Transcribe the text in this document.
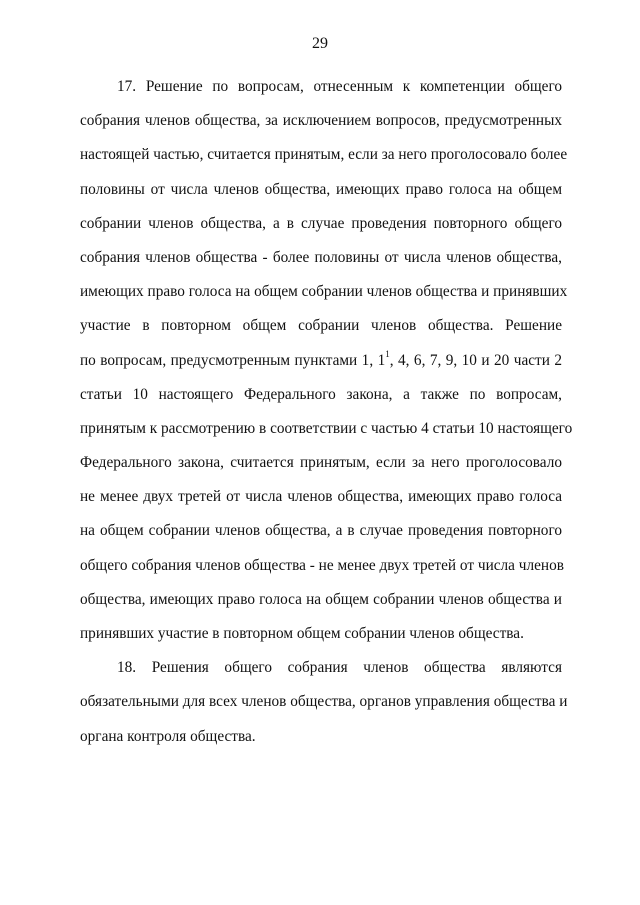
29
17. Решение по вопросам, отнесенным к компетенции общего
собрания членов общества, за исключением вопросов, предусмотренных
настоящей частью, считается принятым, если за него проголосовало более
половины от числа членов общества, имеющих право голоса на общем
собрании членов общества, а в случае проведения повторного общего
собрания членов общества - более половины от числа членов общества,
имеющих право голоса на общем собрании членов общества и принявших
участие в повторном общем собрании членов общества. Решение
по вопросам, предусмотренным пунктами 1, $1^1$, 4, 6, 7, 9, 10 и 20 части 2
статьи 10 настоящего Федерального закона, а также по вопросам,
принятым к рассмотрению в соответствии с частью 4 статьи 10 настоящего
Федерального закона, считается принятым, если за него проголосовало
не менее двух третей от числа членов общества, имеющих право голоса
на общем собрании членов общества, а в случае проведения повторного
общего собрания членов общества - не менее двух третей от числа членов
общества, имеющих право голоса на общем собрании членов общества и
принявших участие в повторном общем собрании членов общества.
18. Решения общего собрания членов общества являются
обязательными для всех членов общества, органов управления общества и
органа контроля общества.
